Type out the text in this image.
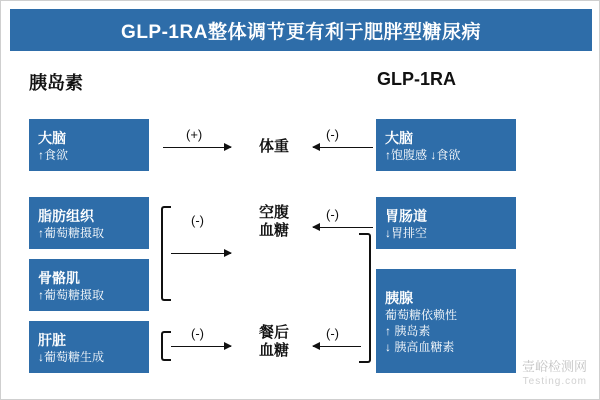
GLP-1RA整体调节更有利于肥胖型糖尿病
胰岛素	GLP-1RA
大脑
↑食欲
脂肪组织
↑葡萄糖摄取
骨骼肌
↑葡萄糖摄取
肝脏
↓葡萄糖生成
大脑
↑饱腹感 ↓食欲
胃肠道
↓胃排空
胰腺
葡萄糖依赖性
↑ 胰岛素
↓ 胰高血糖素
体重
空腹
血糖
餐后
血糖
(+)
(-)
(-)
(-)
(-)
(-)
壹峪检测网
Testing.com
